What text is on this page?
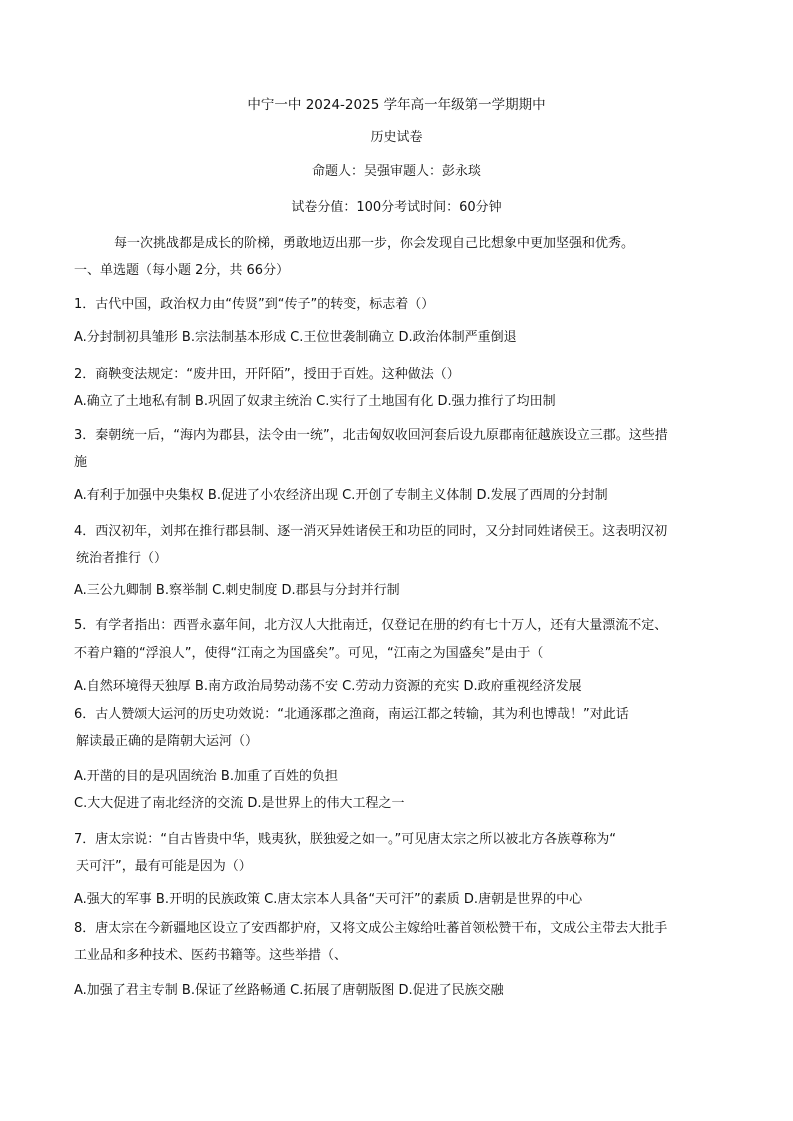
中宁一中 2024-2025 学年高一年级第一学期期中
历史试卷
命题人：吴强审题人：彭永琰
试卷分值：100分考试时间：60分钟
每一次挑战都是成长的阶梯，勇敢地迈出那一步，你会发现自己比想象中更加坚强和优秀。
一、单选题（每小题 2分，共 66分）
1．古代中国，政治权力由“传贤”到“传子”的转变，标志着（）
A.分封制初具雏形 B.宗法制基本形成 C.王位世袭制确立 D.政治体制严重倒退
2．商鞅变法规定：“废井田，开阡陌”，授田于百姓。这种做法（）
A.确立了土地私有制 B.巩固了奴隶主统治 C.实行了土地国有化 D.强力推行了均田制
3．秦朝统一后，“海内为郡县，法令由一统”，北击匈奴收回河套后设九原郡南征越族设立三郡。这些措
施
A.有利于加强中央集权 B.促进了小农经济出现 C.开创了专制主义体制 D.发展了西周的分封制
4．西汉初年，刘邦在推行郡县制、逐一消灭异姓诸侯王和功臣的同时，又分封同姓诸侯王。这表明汉初
统治者推行（）
A.三公九卿制 B.察举制 C.刺史制度 D.郡县与分封并行制
5．有学者指出：西晋永嘉年间，北方汉人大批南迁，仅登记在册的约有七十万人，还有大量漂流不定、
不着户籍的“浮浪人”，使得“江南之为国盛矣”。可见，“江南之为国盛矣”是由于（
A.自然环境得天独厚 B.南方政治局势动荡不安 C.劳动力资源的充实 D.政府重视经济发展
6．古人赞颂大运河的历史功效说：“北通涿郡之渔商，南运江都之转输，其为利也博哉！”对此话
解读最正确的是隋朝大运河（）
A.开凿的目的是巩固统治 B.加重了百姓的负担
C.大大促进了南北经济的交流 D.是世界上的伟大工程之一
7．唐太宗说：“自古皆贵中华，贱夷狄，朕独爱之如一。”可见唐太宗之所以被北方各族尊称为“
天可汗”，最有可能是因为（）
A.强大的军事 B.开明的民族政策 C.唐太宗本人具备“天可汗”的素质 D.唐朝是世界的中心
8．唐太宗在今新疆地区设立了安西都护府，又将文成公主嫁给吐蕃首领松赞干布，文成公主带去大批手
工业品和多种技术、医药书籍等。这些举措（、
A.加强了君主专制 B.保证了丝路畅通 C.拓展了唐朝版图 D.促进了民族交融
